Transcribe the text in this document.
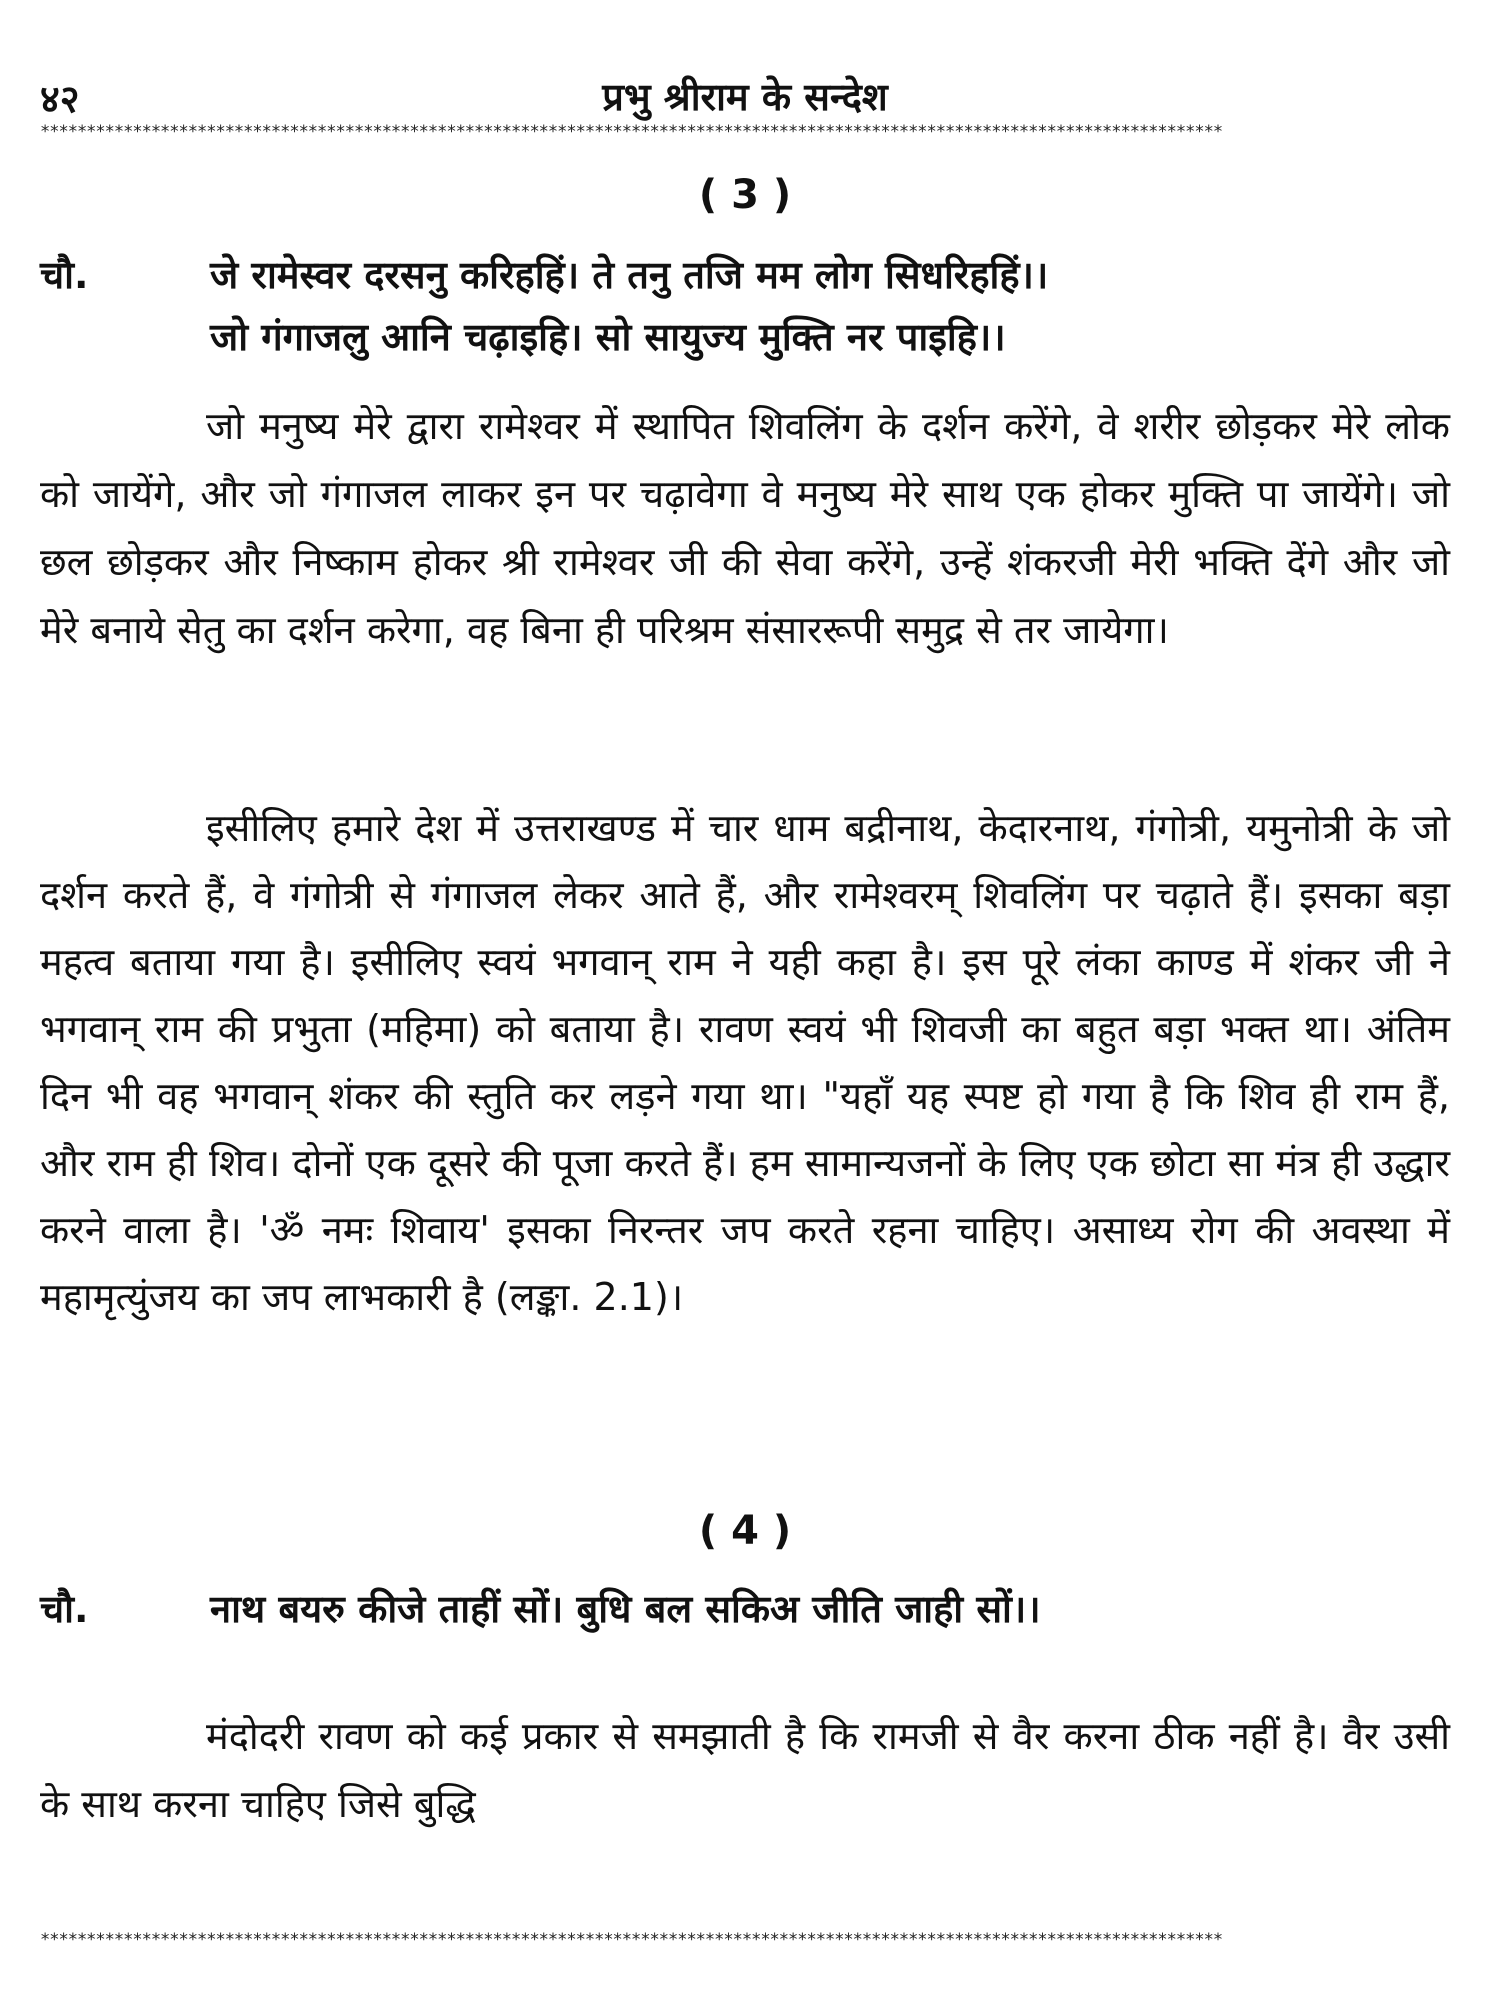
४२	प्रभु श्रीराम के सन्देश
********************************************************************************************************************************
( 3 )
चौ.	जे रामेस्वर दरसनु करिहहिं। ते तनु तजि मम लोग सिधरिहहिं।।
जो गंगाजलु आनि चढ़ाइहि। सो सायुज्य मुक्ति नर पाइहि।।

जो मनुष्य मेरे द्वारा रामेश्वर में स्थापित शिवलिंग के दर्शन करेंगे, वे शरीर छोड़कर मेरे लोक को जायेंगे, और जो गंगाजल लाकर इन पर चढ़ावेगा वे मनुष्य मेरे साथ एक होकर मुक्ति पा जायेंगे। जो छल छोड़कर और निष्काम होकर श्री रामेश्वर जी की सेवा करेंगे, उन्हें शंकरजी मेरी भक्ति देंगे और जो मेरे बनाये सेतु का दर्शन करेगा, वह बिना ही परिश्रम संसाररूपी समुद्र से तर जायेगा।

इसीलिए हमारे देश में उत्तराखण्ड में चार धाम बद्रीनाथ, केदारनाथ, गंगोत्री, यमुनोत्री के जो दर्शन करते हैं, वे गंगोत्री से गंगाजल लेकर आते हैं, और रामेश्वरम् शिवलिंग पर चढ़ाते हैं। इसका बड़ा महत्व बताया गया है। इसीलिए स्वयं भगवान् राम ने यही कहा है। इस पूरे लंका काण्ड में शंकर जी ने भगवान् राम की प्रभुता (महिमा) को बताया है। रावण स्वयं भी शिवजी का बहुत बड़ा भक्त था। अंतिम दिन भी वह भगवान् शंकर की स्तुति कर लड़ने गया था। "यहाँ यह स्पष्ट हो गया है कि शिव ही राम हैं, और राम ही शिव। दोनों एक दूसरे की पूजा करते हैं। हम सामान्यजनों के लिए एक छोटा सा मंत्र ही उद्धार करने वाला है। 'ॐ नमः शिवाय' इसका निरन्तर जप करते रहना चाहिए। असाध्य रोग की अवस्था में महामृत्युंजय का जप लाभकारी है (लङ्का. 2.1)।

( 4 )
चौ.	नाथ बयरु कीजे ताहीं सों। बुधि बल सकिअ जीति जाही सों।।

मंदोदरी रावण को कई प्रकार से समझाती है कि रामजी से वैर करना ठीक नहीं है। वैर उसी के साथ करना चाहिए जिसे बुद्धि

********************************************************************************************************************************
